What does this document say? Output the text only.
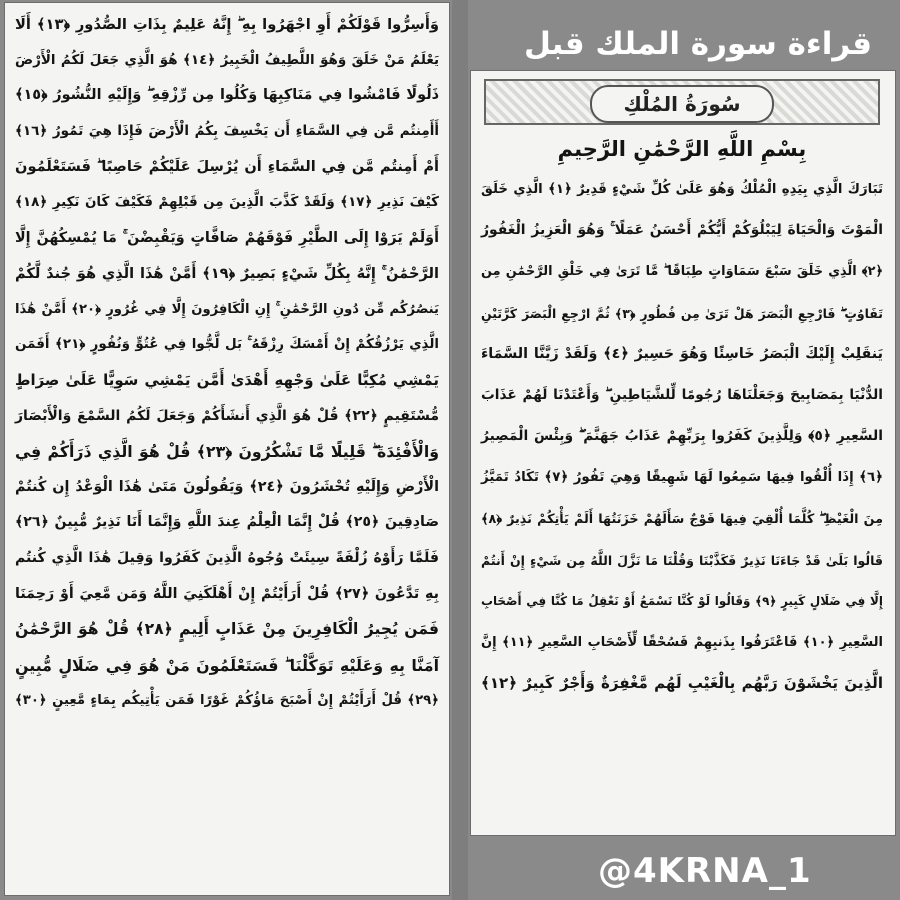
وَأَسِرُّوا قَوْلَكُمْ أَوِ اجْهَرُوا بِهِ ۖ إِنَّهُ عَلِيمٌ بِذَاتِ الصُّدُورِ ﴿١٣﴾ أَلَا
يَعْلَمُ مَنْ خَلَقَ وَهُوَ اللَّطِيفُ الْخَبِيرُ ﴿١٤﴾ هُوَ الَّذِي جَعَلَ لَكُمُ الْأَرْضَ
ذَلُولًا فَامْشُوا فِي مَنَاكِبِهَا وَكُلُوا مِن رِّزْقِهِ ۖ وَإِلَيْهِ النُّشُورُ ﴿١٥﴾
أَأَمِنتُم مَّن فِي السَّمَاءِ أَن يَخْسِفَ بِكُمُ الْأَرْضَ فَإِذَا هِيَ تَمُورُ ﴿١٦﴾
أَمْ أَمِنتُم مَّن فِي السَّمَاءِ أَن يُرْسِلَ عَلَيْكُمْ حَاصِبًا ۖ فَسَتَعْلَمُونَ
كَيْفَ نَذِيرِ ﴿١٧﴾ وَلَقَدْ كَذَّبَ الَّذِينَ مِن قَبْلِهِمْ فَكَيْفَ كَانَ نَكِيرِ ﴿١٨﴾
أَوَلَمْ يَرَوْا إِلَى الطَّيْرِ فَوْقَهُمْ صَافَّاتٍ وَيَقْبِضْنَ ۚ مَا يُمْسِكُهُنَّ إِلَّا
الرَّحْمَٰنُ ۚ إِنَّهُ بِكُلِّ شَيْءٍ بَصِيرٌ ﴿١٩﴾ أَمَّنْ هَٰذَا الَّذِي هُوَ جُندٌ لَّكُمْ
يَنصُرُكُم مِّن دُونِ الرَّحْمَٰنِ ۚ إِنِ الْكَافِرُونَ إِلَّا فِي غُرُورٍ ﴿٢٠﴾ أَمَّنْ هَٰذَا
الَّذِي يَرْزُقُكُمْ إِنْ أَمْسَكَ رِزْقَهُ ۚ بَل لَّجُّوا فِي عُتُوٍّ وَنُفُورٍ ﴿٢١﴾ أَفَمَن
يَمْشِي مُكِبًّا عَلَىٰ وَجْهِهِ أَهْدَىٰ أَمَّن يَمْشِي سَوِيًّا عَلَىٰ صِرَاطٍ
مُّسْتَقِيمٍ ﴿٢٢﴾ قُلْ هُوَ الَّذِي أَنشَأَكُمْ وَجَعَلَ لَكُمُ السَّمْعَ وَالْأَبْصَارَ
وَالْأَفْئِدَةَ ۖ قَلِيلًا مَّا تَشْكُرُونَ ﴿٢٣﴾ قُلْ هُوَ الَّذِي ذَرَأَكُمْ فِي
الْأَرْضِ وَإِلَيْهِ تُحْشَرُونَ ﴿٢٤﴾ وَيَقُولُونَ مَتَىٰ هَٰذَا الْوَعْدُ إِن كُنتُمْ
صَادِقِينَ ﴿٢٥﴾ قُلْ إِنَّمَا الْعِلْمُ عِندَ اللَّهِ وَإِنَّمَا أَنَا نَذِيرٌ مُّبِينٌ ﴿٢٦﴾
فَلَمَّا رَأَوْهُ زُلْفَةً سِيئَتْ وُجُوهُ الَّذِينَ كَفَرُوا وَقِيلَ هَٰذَا الَّذِي كُنتُم
بِهِ تَدَّعُونَ ﴿٢٧﴾ قُلْ أَرَأَيْتُمْ إِنْ أَهْلَكَنِيَ اللَّهُ وَمَن مَّعِيَ أَوْ رَحِمَنَا
فَمَن يُجِيرُ الْكَافِرِينَ مِنْ عَذَابٍ أَلِيمٍ ﴿٢٨﴾ قُلْ هُوَ الرَّحْمَٰنُ
آمَنَّا بِهِ وَعَلَيْهِ تَوَكَّلْنَا ۖ فَسَتَعْلَمُونَ مَنْ هُوَ فِي ضَلَالٍ مُّبِينٍ
﴿٢٩﴾ قُلْ أَرَأَيْتُمْ إِنْ أَصْبَحَ مَاؤُكُمْ غَوْرًا فَمَن يَأْتِيكُم بِمَاءٍ مَّعِينٍ ﴿٣٠﴾
قراءة سورة الملك قبل
سُورَةُ المُلْكِ
بِسْمِ اللَّهِ الرَّحْمَٰنِ الرَّحِيمِ
تَبَارَكَ الَّذِي بِيَدِهِ الْمُلْكُ وَهُوَ عَلَىٰ كُلِّ شَيْءٍ قَدِيرٌ ﴿١﴾ الَّذِي خَلَقَ
الْمَوْتَ وَالْحَيَاةَ لِيَبْلُوَكُمْ أَيُّكُمْ أَحْسَنُ عَمَلًا ۚ وَهُوَ الْعَزِيزُ الْغَفُورُ
﴿٢﴾ الَّذِي خَلَقَ سَبْعَ سَمَاوَاتٍ طِبَاقًا ۖ مَّا تَرَىٰ فِي خَلْقِ الرَّحْمَٰنِ مِن
تَفَاوُتٍ ۖ فَارْجِعِ الْبَصَرَ هَلْ تَرَىٰ مِن فُطُورٍ ﴿٣﴾ ثُمَّ ارْجِعِ الْبَصَرَ كَرَّتَيْنِ
يَنقَلِبْ إِلَيْكَ الْبَصَرُ خَاسِئًا وَهُوَ حَسِيرٌ ﴿٤﴾ وَلَقَدْ زَيَّنَّا السَّمَاءَ
الدُّنْيَا بِمَصَابِيحَ وَجَعَلْنَاهَا رُجُومًا لِّلشَّيَاطِينِ ۖ وَأَعْتَدْنَا لَهُمْ عَذَابَ
السَّعِيرِ ﴿٥﴾ وَلِلَّذِينَ كَفَرُوا بِرَبِّهِمْ عَذَابُ جَهَنَّمَ ۖ وَبِئْسَ الْمَصِيرُ
﴿٦﴾ إِذَا أُلْقُوا فِيهَا سَمِعُوا لَهَا شَهِيقًا وَهِيَ تَفُورُ ﴿٧﴾ تَكَادُ تَمَيَّزُ
مِنَ الْغَيْظِ ۖ كُلَّمَا أُلْقِيَ فِيهَا فَوْجٌ سَأَلَهُمْ خَزَنَتُهَا أَلَمْ يَأْتِكُمْ نَذِيرٌ ﴿٨﴾
قَالُوا بَلَىٰ قَدْ جَاءَنَا نَذِيرٌ فَكَذَّبْنَا وَقُلْنَا مَا نَزَّلَ اللَّهُ مِن شَيْءٍ إِنْ أَنتُمْ
إِلَّا فِي ضَلَالٍ كَبِيرٍ ﴿٩﴾ وَقَالُوا لَوْ كُنَّا نَسْمَعُ أَوْ نَعْقِلُ مَا كُنَّا فِي أَصْحَابِ
السَّعِيرِ ﴿١٠﴾ فَاعْتَرَفُوا بِذَنبِهِمْ فَسُحْقًا لِّأَصْحَابِ السَّعِيرِ ﴿١١﴾ إِنَّ
الَّذِينَ يَخْشَوْنَ رَبَّهُم بِالْغَيْبِ لَهُم مَّغْفِرَةٌ وَأَجْرٌ كَبِيرٌ ﴿١٢﴾
@4KRNA_1
